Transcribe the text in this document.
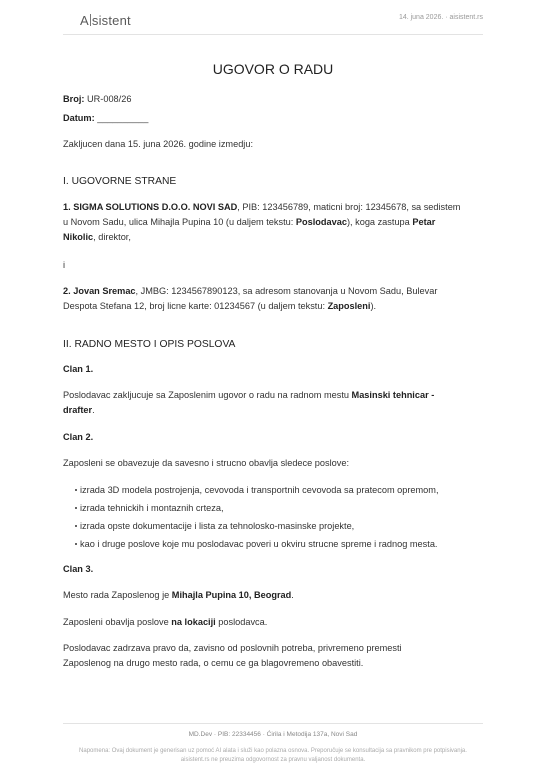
A sistent	14. juna 2026. · aisistent.rs
UGOVOR O RADU
Broj: UR-008/26
Datum: __________
Zakljucen dana 15. juna 2026. godine izmedju:
I. UGOVORNE STRANE
1. SIGMA SOLUTIONS D.O.O. NOVI SAD, PIB: 123456789, maticni broj: 12345678, sa sedistem
u Novom Sadu, ulica Mihajla Pupina 10 (u daljem tekstu: Poslodavac), koga zastupa Petar
Nikolic, direktor,
i
2. Jovan Sremac, JMBG: 1234567890123, sa adresom stanovanja u Novom Sadu, Bulevar
Despota Stefana 12, broj licne karte: 01234567 (u daljem tekstu: Zaposleni).
II. RADNO MESTO I OPIS POSLOVA
Clan 1.
Poslodavac zakljucuje sa Zaposlenim ugovor o radu na radnom mestu Masinski tehnicar -
drafter.
Clan 2.
Zaposleni se obavezuje da savesno i strucno obavlja sledece poslove:
izrada 3D modela postrojenja, cevovoda i transportnih cevovoda sa pratecom opremom,
izrada tehnickih i montaznih crteza,
izrada opste dokumentacije i lista za tehnolosko-masinske projekte,
kao i druge poslove koje mu poslodavac poveri u okviru strucne spreme i radnog mesta.
Clan 3.
Mesto rada Zaposlenog je Mihajla Pupina 10, Beograd.
Zaposleni obavlja poslove na lokaciji poslodavca.
Poslodavac zadrzava pravo da, zavisno od poslovnih potreba, privremeno premesti
Zaposlenog na drugo mesto rada, o cemu ce ga blagovremeno obavestiti.
MD.Dev · PIB: 22334456 · Ćirila i Metodija 137a, Novi Sad
Napomena: Ovaj dokument je generisan uz pomoć AI alata i služi kao polazna osnova. Preporučuje se konsultacija sa pravnikom pre potpisivanja.
aisistent.rs ne preuzima odgovornost za pravnu valjanost dokumenta.
